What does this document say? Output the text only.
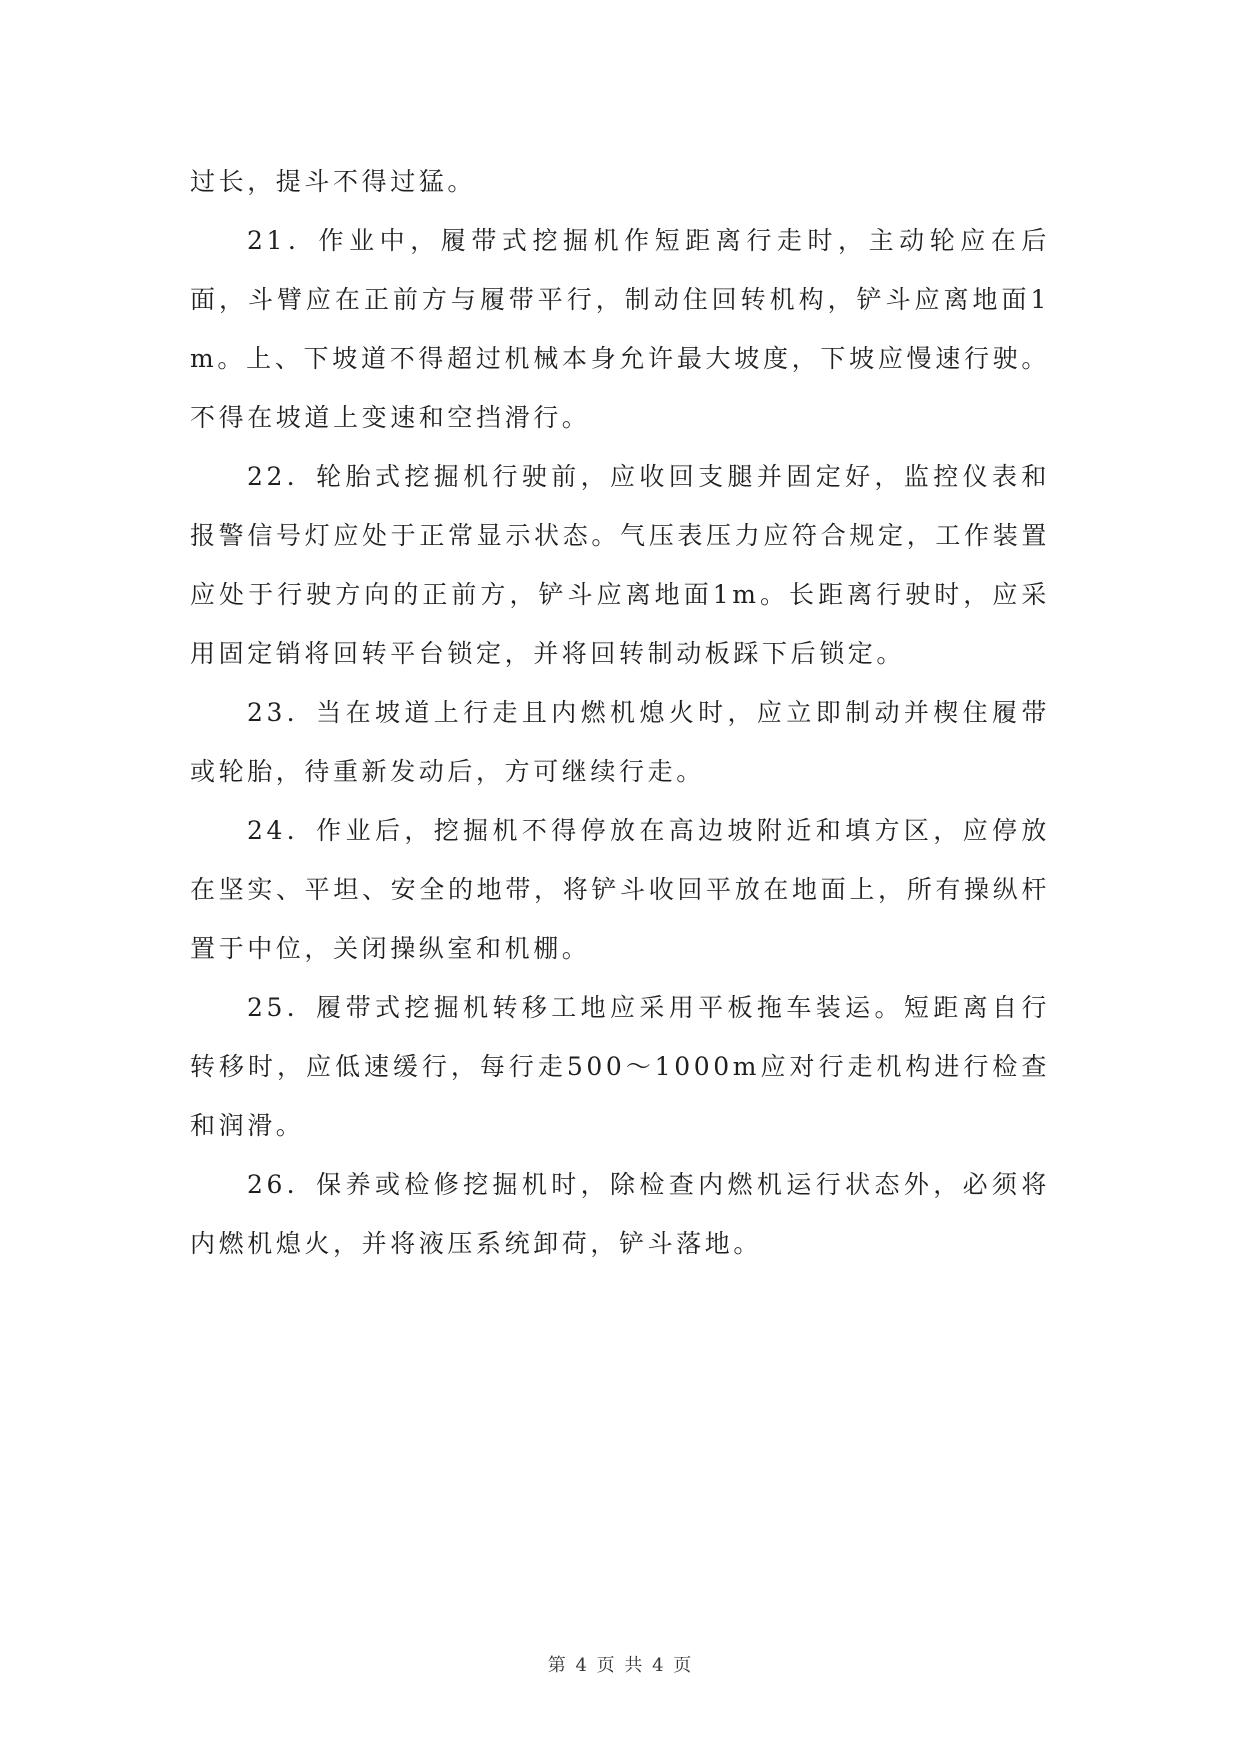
过长，提斗不得过猛。

21．作业中，履带式挖掘机作短距离行走时，主动轮应在后面，斗臂应在正前方与履带平行，制动住回转机构，铲斗应离地面1m。上、下坡道不得超过机械本身允许最大坡度，下坡应慢速行驶。不得在坡道上变速和空挡滑行。

22．轮胎式挖掘机行驶前，应收回支腿并固定好，监控仪表和报警信号灯应处于正常显示状态。气压表压力应符合规定，工作装置应处于行驶方向的正前方，铲斗应离地面1m。长距离行驶时，应采用固定销将回转平台锁定，并将回转制动板踩下后锁定。

23．当在坡道上行走且内燃机熄火时，应立即制动并楔住履带或轮胎，待重新发动后，方可继续行走。

24．作业后，挖掘机不得停放在高边坡附近和填方区，应停放在坚实、平坦、安全的地带，将铲斗收回平放在地面上，所有操纵杆置于中位，关闭操纵室和机棚。

25．履带式挖掘机转移工地应采用平板拖车装运。短距离自行转移时，应低速缓行，每行走500～1000m应对行走机构进行检查和润滑。

26．保养或检修挖掘机时，除检查内燃机运行状态外，必须将内燃机熄火，并将液压系统卸荷，铲斗落地。

第 4 页 共 4 页
